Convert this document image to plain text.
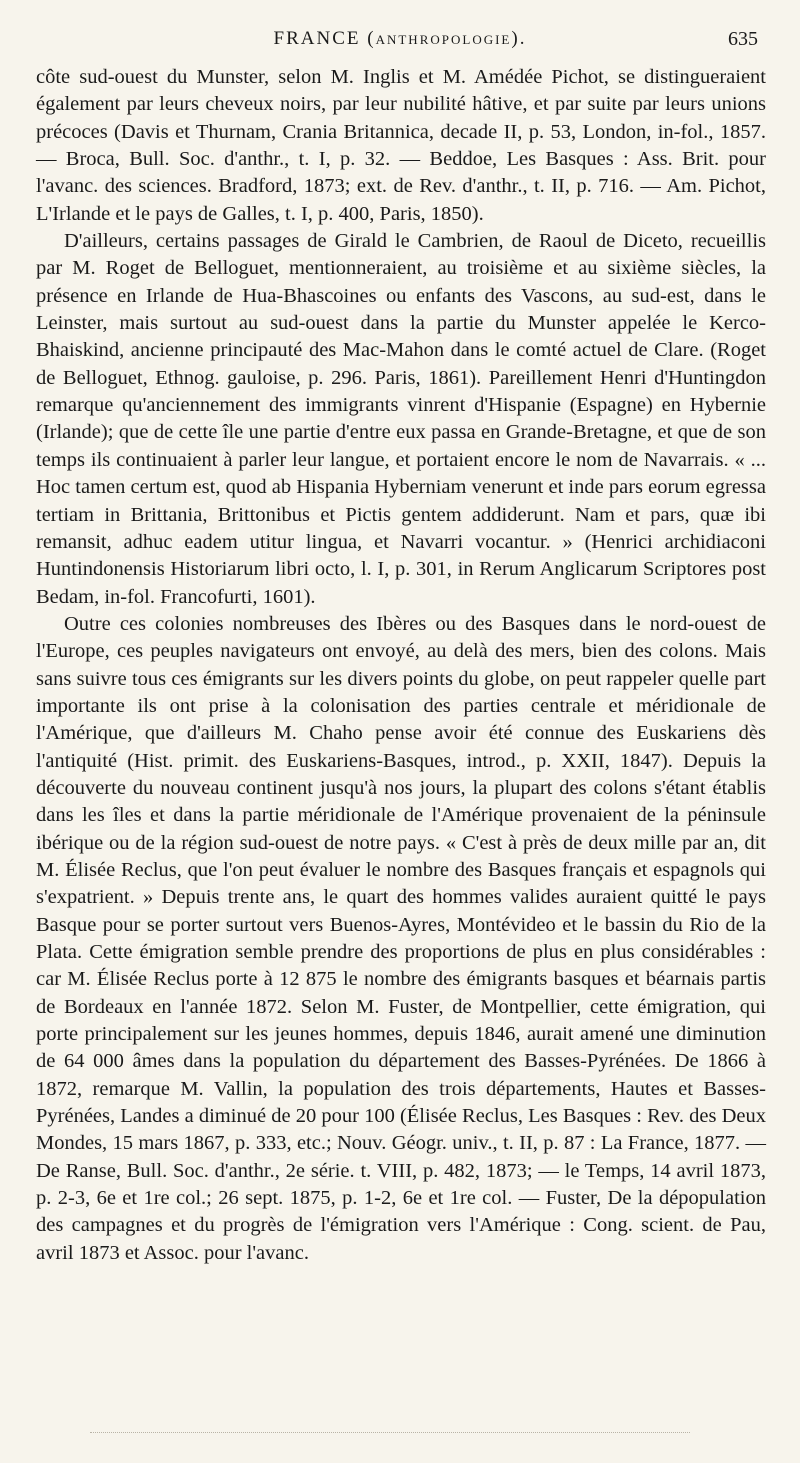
FRANCE (ANTHROPOLOGIE).	635

côte sud-ouest du Munster, selon M. Inglis et M. Amédée Pichot, se distingueraient également par leurs cheveux noirs, par leur nubilité hâtive, et par suite par leurs unions précoces (Davis et Thurnam, Crania Britannica, decade II, p. 53, London, in-fol., 1857. — Broca, Bull. Soc. d'anthr., t. I, p. 32. — Beddoe, Les Basques : Ass. Brit. pour l'avanc. des sciences. Bradford, 1873; ext. de Rev. d'anthr., t. II, p. 716. — Am. Pichot, L'Irlande et le pays de Galles, t. I, p. 400, Paris, 1850).

D'ailleurs, certains passages de Girald le Cambrien, de Raoul de Diceto, recueillis par M. Roget de Belloguet, mentionneraient, au troisième et au sixième siècles, la présence en Irlande de Hua-Bhascoines ou enfants des Vascons, au sud-est, dans le Leinster, mais surtout au sud-ouest dans la partie du Munster appelée le Kerco-Bhaiskind, ancienne principauté des Mac-Mahon dans le comté actuel de Clare. (Roget de Belloguet, Ethnog. gauloise, p. 296. Paris, 1861). Pareillement Henri d'Huntingdon remarque qu'anciennement des immigrants vinrent d'Hispanie (Espagne) en Hybernie (Irlande); que de cette île une partie d'entre eux passa en Grande-Bretagne, et que de son temps ils continuaient à parler leur langue, et portaient encore le nom de Navarrais. « ... Hoc tamen certum est, quod ab Hispania Hyberniam venerunt et inde pars eorum egressa tertiam in Brittania, Brittonibus et Pictis gentem addiderunt. Nam et pars, quæ ibi remansit, adhuc eadem utitur lingua, et Navarri vocantur. » (Henrici archidiaconi Huntindonensis Historiarum libri octo, l. I, p. 301, in Rerum Anglicarum Scriptores post Bedam, in-fol. Francofurti, 1601).

Outre ces colonies nombreuses des Ibères ou des Basques dans le nord-ouest de l'Europe, ces peuples navigateurs ont envoyé, au delà des mers, bien des colons. Mais sans suivre tous ces émigrants sur les divers points du globe, on peut rappeler quelle part importante ils ont prise à la colonisation des parties centrale et méridionale de l'Amérique, que d'ailleurs M. Chaho pense avoir été connue des Euskariens dès l'antiquité (Hist. primit. des Euskariens-Basques, introd., p. XXII, 1847). Depuis la découverte du nouveau continent jusqu'à nos jours, la plupart des colons s'étant établis dans les îles et dans la partie méridionale de l'Amérique provenaient de la péninsule ibérique ou de la région sud-ouest de notre pays. « C'est à près de deux mille par an, dit M. Élisée Reclus, que l'on peut évaluer le nombre des Basques français et espagnols qui s'expatrient. » Depuis trente ans, le quart des hommes valides auraient quitté le pays Basque pour se porter surtout vers Buenos-Ayres, Montévideo et le bassin du Rio de la Plata. Cette émigration semble prendre des proportions de plus en plus considérables : car M. Élisée Reclus porte à 12 875 le nombre des émigrants basques et béarnais partis de Bordeaux en l'année 1872. Selon M. Fuster, de Montpellier, cette émigration, qui porte principalement sur les jeunes hommes, depuis 1846, aurait amené une diminution de 64 000 âmes dans la population du département des Basses-Pyrénées. De 1866 à 1872, remarque M. Vallin, la population des trois départements, Hautes et Basses-Pyrénées, Landes a diminué de 20 pour 100 (Élisée Reclus, Les Basques : Rev. des Deux Mondes, 15 mars 1867, p. 333, etc.; Nouv. Géogr. univ., t. II, p. 87 : La France, 1877. — De Ranse, Bull. Soc. d'anthr., 2e série. t. VIII, p. 482, 1873; — le Temps, 14 avril 1873, p. 2-3, 6e et 1re col.; 26 sept. 1875, p. 1-2, 6e et 1re col. — Fuster, De la dépopulation des campagnes et du progrès de l'émigration vers l'Amérique : Cong. scient. de Pau, avril 1873 et Assoc. pour l'avanc.
